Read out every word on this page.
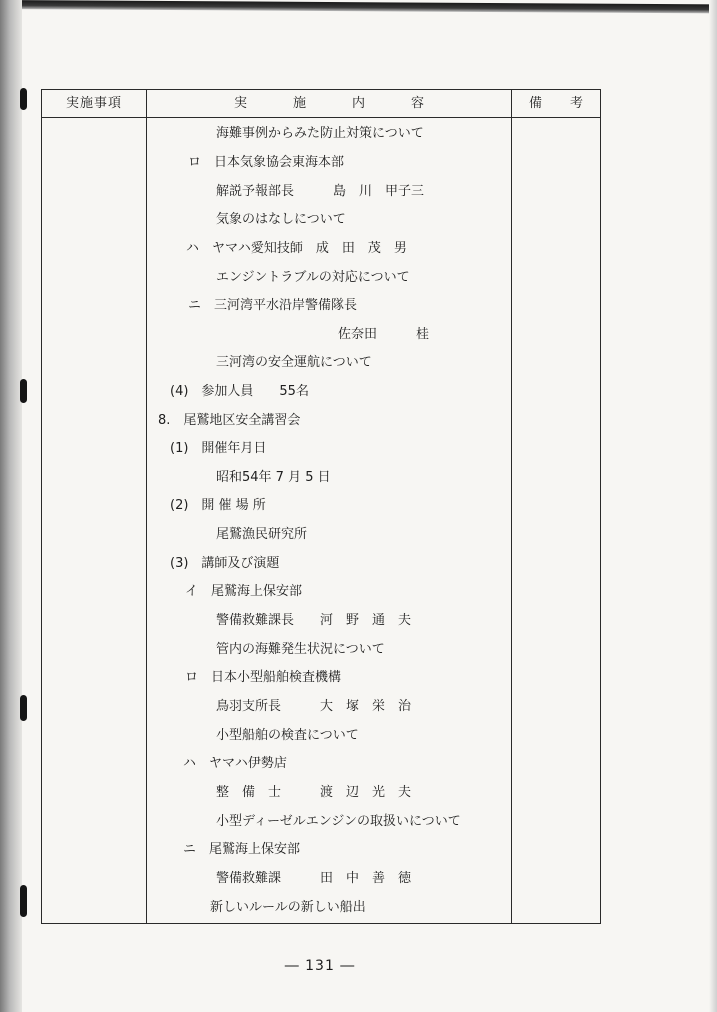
実施事項	実	施	内	容	備 考
海難事例からみた防止対策について
ロ　日本気象協会東海本部
解説予報部長　　　島　川　甲子三
気象のはなしについて
ハ　ヤマハ愛知技師　成　田　茂　男
エンジントラブルの対応について
ニ　三河湾平水沿岸警備隊長
佐奈田　　　桂
三河湾の安全運航について
(4)　参加人員　　55名
8.　尾鷲地区安全講習会
(1)　開催年月日
昭和54年 7 月 5 日
(2)　開 催 場 所
尾鷲漁民研究所
(3)　講師及び演題
イ　尾鷲海上保安部
警備救難課長　　河　野　通　夫
管内の海難発生状況について
ロ　日本小型船舶検査機構
鳥羽支所長　　　大　塚　栄　治
小型船舶の検査について
ハ　ヤマハ伊勢店
整　備　士　　　渡　辺　光　夫
小型ディーゼルエンジンの取扱いについて
ニ　尾鷲海上保安部
警備救難課　　　田　中　善　徳
新しいルールの新しい船出
― 131 ―
